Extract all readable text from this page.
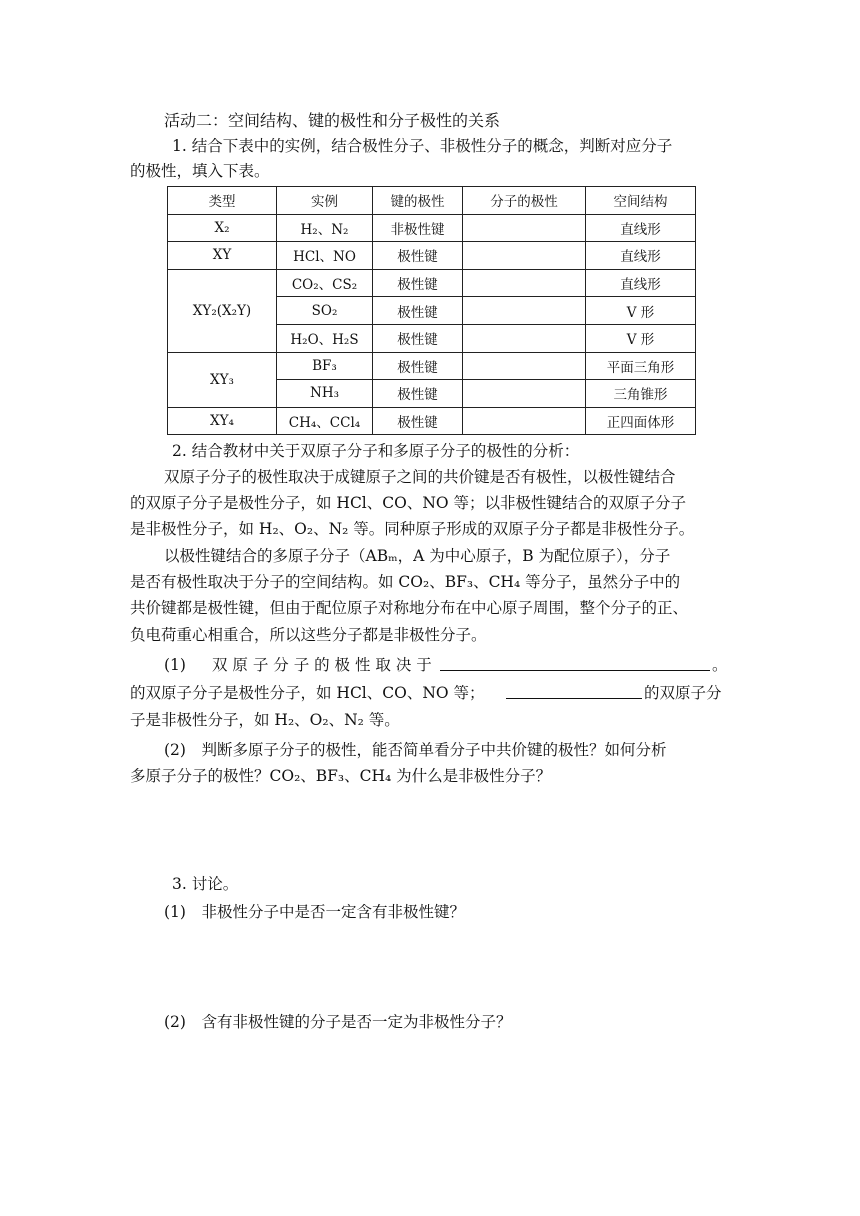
活动二：空间结构、键的极性和分子极性的关系
1. 结合下表中的实例，结合极性分子、非极性分子的概念，判断对应分子
的极性，填入下表。
类型	实例	键的极性	分子的极性	空间结构
X₂	H₂、N₂	非极性键		直线形
XY	HCl、NO	极性键		直线形
XY₂(X₂Y)	CO₂、CS₂	极性键		直线形
	SO₂	极性键		V 形
	H₂O、H₂S	极性键		V 形
XY₃	BF₃	极性键		平面三角形
	NH₃	极性键		三角锥形
XY₄	CH₄、CCl₄	极性键		正四面体形
2. 结合教材中关于双原子分子和多原子分子的极性的分析：
双原子分子的极性取决于成键原子之间的共价键是否有极性，以极性键结合
的双原子分子是极性分子，如 HCl、CO、NO 等；以非极性键结合的双原子分子
是非极性分子，如 H₂、O₂、N₂ 等。同种原子形成的双原子分子都是非极性分子。
以极性键结合的多原子分子（ABₘ，A 为中心原子，B 为配位原子），分子
是否有极性取决于分子的空间结构。如 CO₂、BF₃、CH₄ 等分子，虽然分子中的
共价键都是极性键，但由于配位原子对称地分布在中心原子周围，整个分子的正、
负电荷重心相重合，所以这些分子都是非极性分子。
(1) 双 原 子 分 子 的 极 性 取 决 于	。
的双原子分子是极性分子，如 HCl、CO、NO 等；	的双原子分
子是非极性分子，如 H₂、O₂、N₂ 等。
(2)　判断多原子分子的极性，能否简单看分子中共价键的极性？如何分析
多原子分子的极性？CO₂、BF₃、CH₄ 为什么是非极性分子？
3. 讨论。
(1)　非极性分子中是否一定含有非极性键？
(2)　含有非极性键的分子是否一定为非极性分子？
